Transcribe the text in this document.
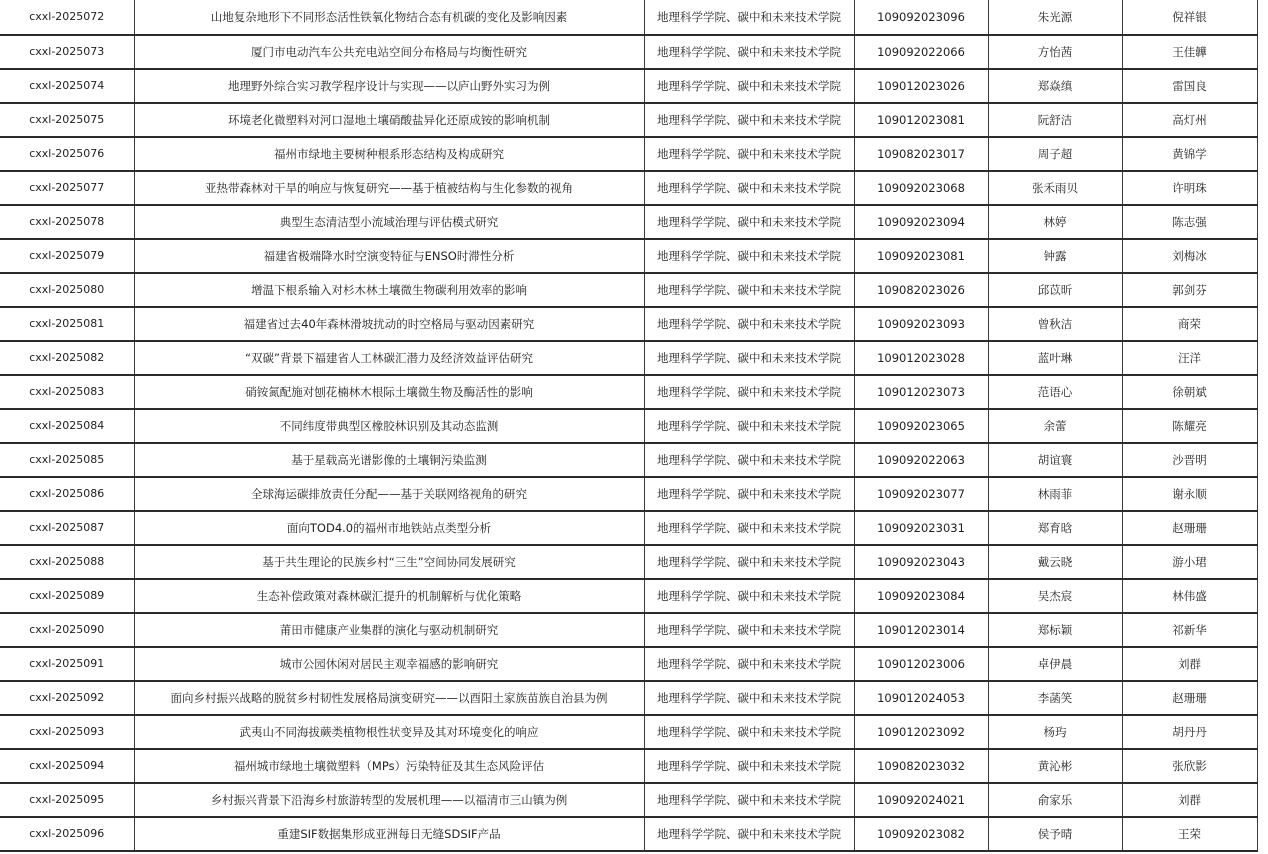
cxxl-2025072	山地复杂地形下不同形态活性铁氧化物结合态有机碳的变化及影响因素	地理科学学院、碳中和未来技术学院	109092023096	朱光源	倪祥银
cxxl-2025073	厦门市电动汽车公共充电站空间分布格局与均衡性研究	地理科学学院、碳中和未来技术学院	109092022066	方怡茜	王佳韡
cxxl-2025074	地理野外综合实习教学程序设计与实现——以庐山野外实习为例	地理科学学院、碳中和未来技术学院	109012023026	郑焱缜	雷国良
cxxl-2025075	环境老化微塑料对河口湿地土壤硝酸盐异化还原成铵的影响机制	地理科学学院、碳中和未来技术学院	109012023081	阮舒洁	高灯州
cxxl-2025076	福州市绿地主要树种根系形态结构及构成研究	地理科学学院、碳中和未来技术学院	109082023017	周子超	黄锦学
cxxl-2025077	亚热带森林对干旱的响应与恢复研究——基于植被结构与生化参数的视角	地理科学学院、碳中和未来技术学院	109092023068	张禾雨贝	许明珠
cxxl-2025078	典型生态清洁型小流域治理与评估模式研究	地理科学学院、碳中和未来技术学院	109092023094	林婷	陈志强
cxxl-2025079	福建省极端降水时空演变特征与ENSO时滞性分析	地理科学学院、碳中和未来技术学院	109092023081	钟露	刘梅冰
cxxl-2025080	增温下根系输入对杉木林土壤微生物碳利用效率的影响	地理科学学院、碳中和未来技术学院	109082023026	邱苡昕	郭剑芬
cxxl-2025081	福建省过去40年森林滑坡扰动的时空格局与驱动因素研究	地理科学学院、碳中和未来技术学院	109092023093	曾秋洁	商荣
cxxl-2025082	“双碳”背景下福建省人工林碳汇潜力及经济效益评估研究	地理科学学院、碳中和未来技术学院	109012023028	蓝叶琳	汪洋
cxxl-2025083	硝铵氮配施对刨花楠林木根际土壤微生物及酶活性的影响	地理科学学院、碳中和未来技术学院	109012023073	范语心	徐朝斌
cxxl-2025084	不同纬度带典型区橡胶林识别及其动态监测	地理科学学院、碳中和未来技术学院	109092023065	余蕾	陈耀亮
cxxl-2025085	基于星载高光谱影像的土壤铜污染监测	地理科学学院、碳中和未来技术学院	109092022063	胡谊寰	沙晋明
cxxl-2025086	全球海运碳排放责任分配——基于关联网络视角的研究	地理科学学院、碳中和未来技术学院	109092023077	林雨菲	谢永顺
cxxl-2025087	面向TOD4.0的福州市地铁站点类型分析	地理科学学院、碳中和未来技术学院	109092023031	郑育晗	赵珊珊
cxxl-2025088	基于共生理论的民族乡村“三生”空间协同发展研究	地理科学学院、碳中和未来技术学院	109092023043	戴云晓	游小珺
cxxl-2025089	生态补偿政策对森林碳汇提升的机制解析与优化策略	地理科学学院、碳中和未来技术学院	109092023084	吴杰宸	林伟盛
cxxl-2025090	莆田市健康产业集群的演化与驱动机制研究	地理科学学院、碳中和未来技术学院	109012023014	郑标颖	祁新华
cxxl-2025091	城市公园休闲对居民主观幸福感的影响研究	地理科学学院、碳中和未来技术学院	109012023006	卓伊晨	刘群
cxxl-2025092	面向乡村振兴战略的脱贫乡村韧性发展格局演变研究——以酉阳土家族苗族自治县为例	地理科学学院、碳中和未来技术学院	109012024053	李菡笑	赵珊珊
cxxl-2025093	武夷山不同海拔蕨类植物根性状变异及其对环境变化的响应	地理科学学院、碳中和未来技术学院	109012023092	杨玙	胡丹丹
cxxl-2025094	福州城市绿地土壤微塑料（MPs）污染特征及其生态风险评估	地理科学学院、碳中和未来技术学院	109082023032	黄沁彬	张欣影
cxxl-2025095	乡村振兴背景下沿海乡村旅游转型的发展机理——以福清市三山镇为例	地理科学学院、碳中和未来技术学院	109092024021	俞家乐	刘群
cxxl-2025096	重建SIF数据集形成亚洲每日无缝SDSIF产品	地理科学学院、碳中和未来技术学院	109092023082	侯予晴	王荣
